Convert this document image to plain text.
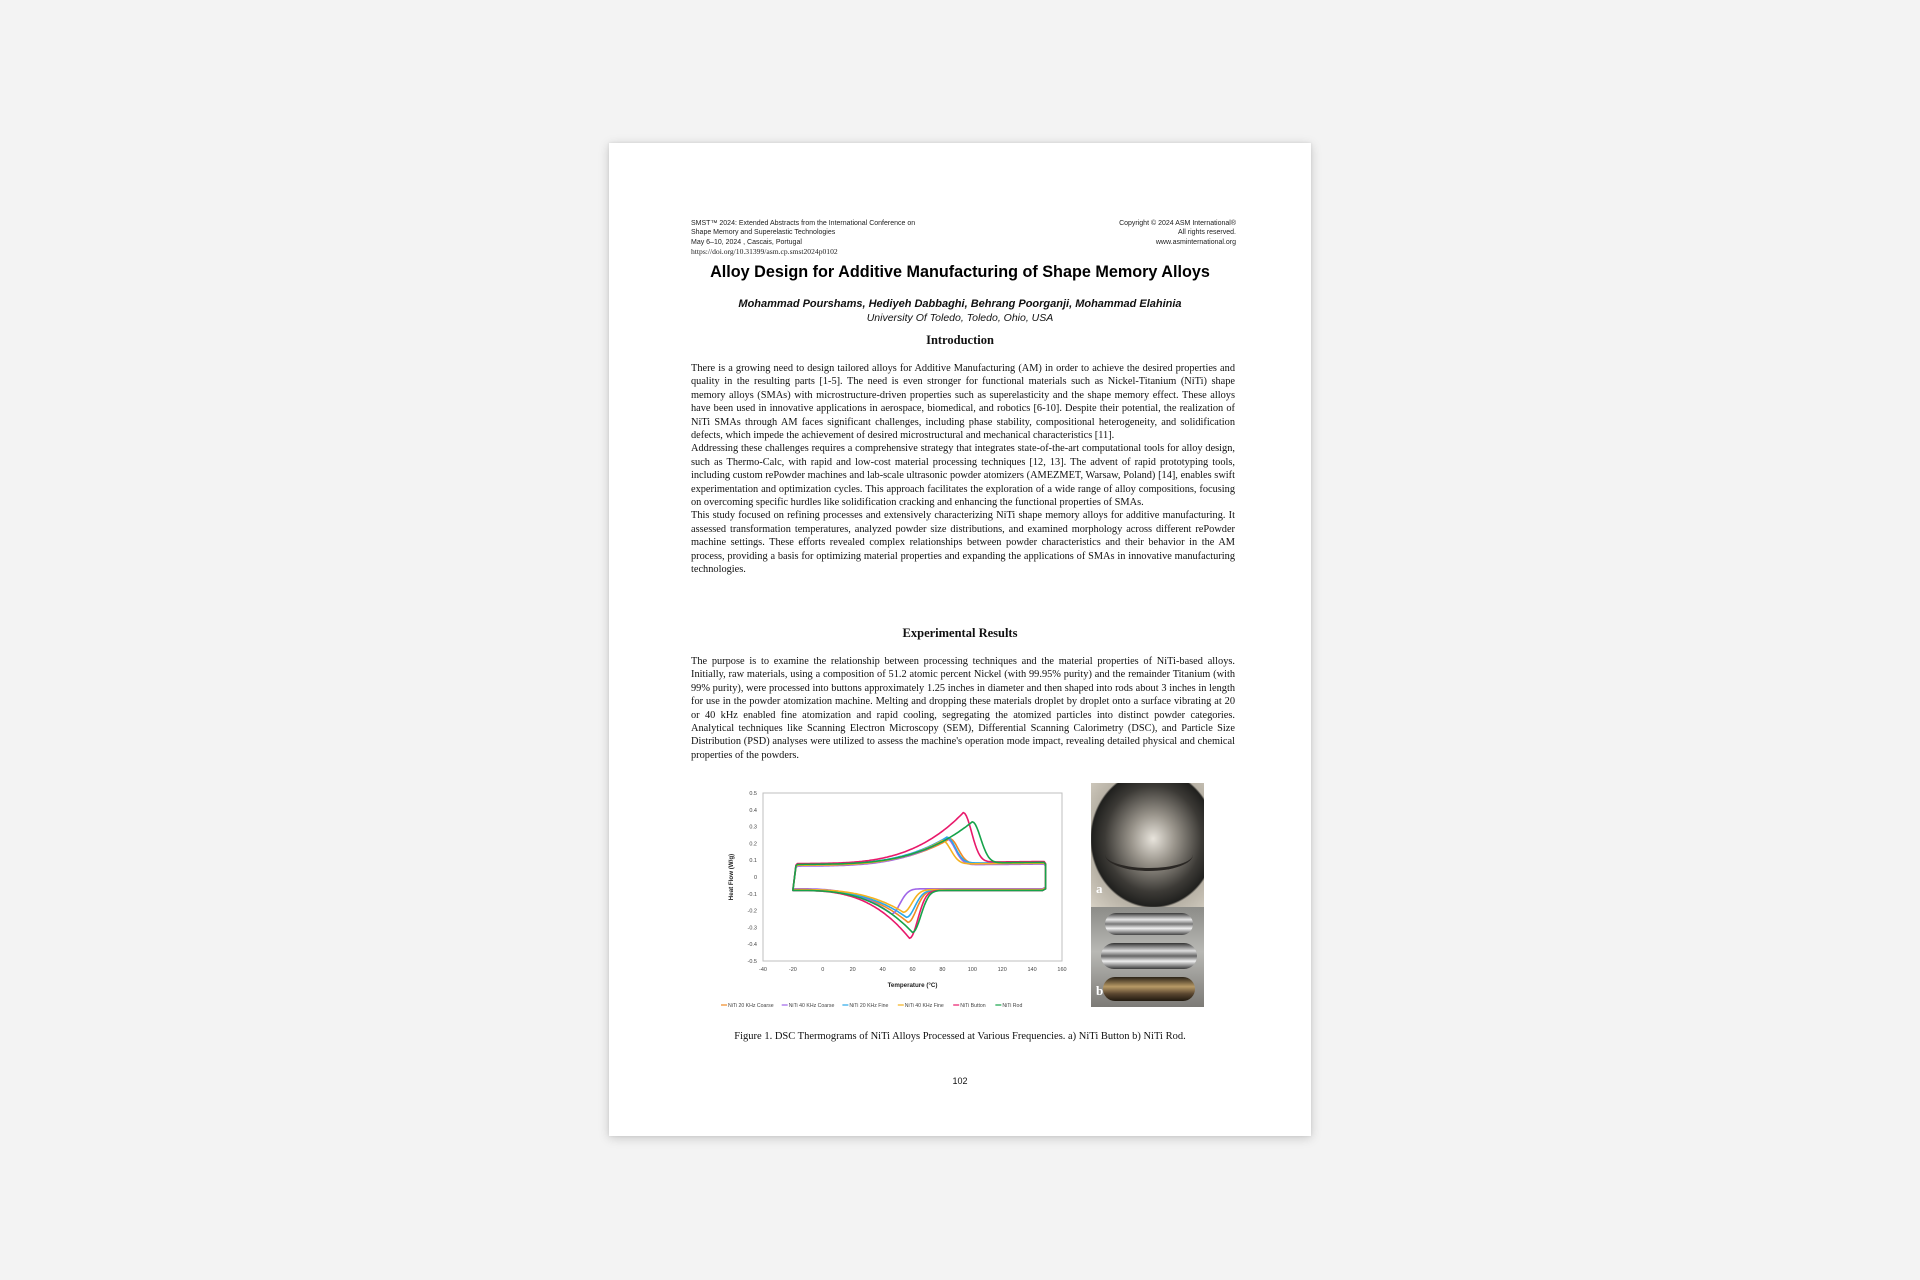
SMST™ 2024: Extended Abstracts from the International Conference on
Shape Memory and Superelastic Technologies
May 6–10, 2024 , Cascais, Portugal
https://doi.org/10.31399/asm.cp.smst2024p0102
Copyright © 2024 ASM International®
All rights reserved.
www.asminternational.org
Alloy Design for Additive Manufacturing of Shape Memory Alloys
Mohammad Pourshams, Hediyeh Dabbaghi, Behrang Poorganji, Mohammad Elahinia
University Of Toledo, Toledo, Ohio, USA
Introduction

There is a growing need to design tailored alloys for Additive Manufacturing (AM) in order to achieve the desired properties and quality in the resulting parts [1-5]. The need is even stronger for functional materials such as Nickel-Titanium (NiTi) shape memory alloys (SMAs) with microstructure-driven properties such as superelasticity and the shape memory effect. These alloys have been used in innovative applications in aerospace, biomedical, and robotics [6-10]. Despite their potential, the realization of NiTi SMAs through AM faces significant challenges, including phase stability, compositional heterogeneity, and solidification defects, which impede the achievement of desired microstructural and mechanical characteristics [11].

Addressing these challenges requires a comprehensive strategy that integrates state-of-the-art computational tools for alloy design, such as Thermo-Calc, with rapid and low-cost material processing techniques [12, 13]. The advent of rapid prototyping tools, including custom rePowder machines and lab-scale ultrasonic powder atomizers (AMEZMET, Warsaw, Poland) [14], enables swift experimentation and optimization cycles. This approach facilitates the exploration of a wide range of alloy compositions, focusing on overcoming specific hurdles like solidification cracking and enhancing the functional properties of SMAs.

This study focused on refining processes and extensively characterizing NiTi shape memory alloys for additive manufacturing. It assessed transformation temperatures, analyzed powder size distributions, and examined morphology across different rePowder machine settings. These efforts revealed complex relationships between powder characteristics and their behavior in the AM process, providing a basis for optimizing material properties and expanding the applications of SMAs in innovative manufacturing technologies.

Experimental Results

The purpose is to examine the relationship between processing techniques and the material properties of NiTi-based alloys. Initially, raw materials, using a composition of 51.2 atomic percent Nickel (with 99.95% purity) and the remainder Titanium (with 99% purity), were processed into buttons approximately 1.25 inches in diameter and then shaped into rods about 3 inches in length for use in the powder atomization machine. Melting and dropping these materials droplet by droplet onto a surface vibrating at 20 or 40 kHz enabled fine atomization and rapid cooling, segregating the atomized particles into distinct powder categories. Analytical techniques like Scanning Electron Microscopy (SEM), Differential Scanning Calorimetry (DSC), and Particle Size Distribution (PSD) analyses were utilized to assess the machine's operation mode impact, revealing detailed physical and chemical properties of the powders.

0.5
0.4
0.3
0.2
0.1
0
-0.1
-0.2
-0.3
-0.4
-0.5
-40	-20	0	20	40	60	80	100	120	140	160
Temperature (°C)
Heat Flow (W/g)
NiTi 20 KHz Coarse	NiTi 40 KHz Coarse	NiTi 20 KHz Fine	NiTi 40 KHz Fine	NiTi Button	NiTi Rod
a
b
Figure 1. DSC Thermograms of NiTi Alloys Processed at Various Frequencies. a) NiTi Button b) NiTi Rod.
102
